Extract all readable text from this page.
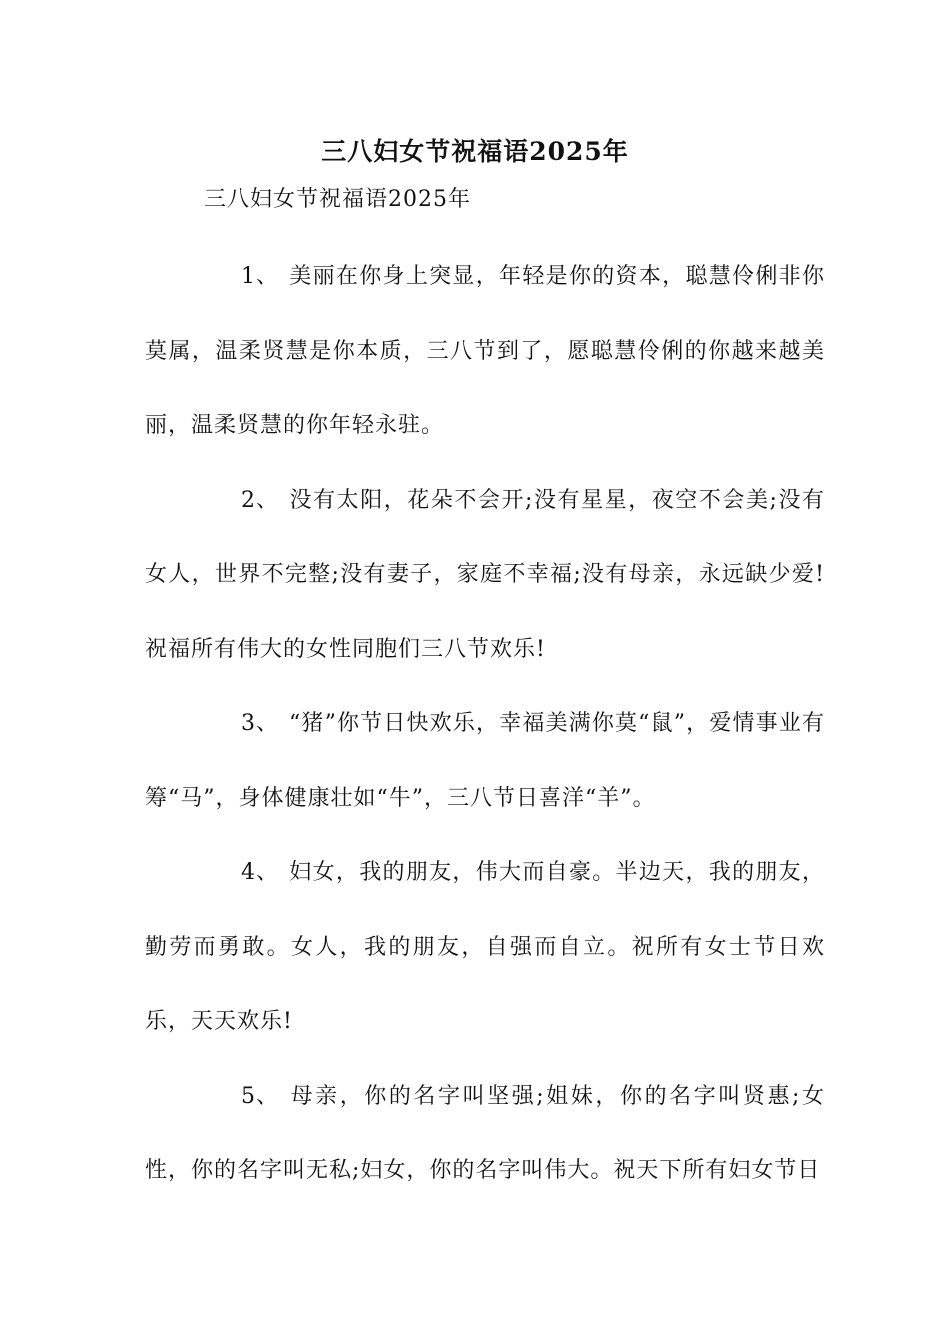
三八妇女节祝福语2025年

三八妇女节祝福语2025年

1、 美丽在你身上突显，年轻是你的资本，聪慧伶俐非你莫属，温柔贤慧是你本质，三八节到了，愿聪慧伶俐的你越来越美丽，温柔贤慧的你年轻永驻。

2、 没有太阳，花朵不会开;没有星星，夜空不会美;没有女人，世界不完整;没有妻子，家庭不幸福;没有母亲，永远缺少爱!祝福所有伟大的女性同胞们三八节欢乐!

3、 “猪”你节日快欢乐，幸福美满你莫“鼠”，爱情事业有筹“马”，身体健康壮如“牛”，三八节日喜洋“羊”。

4、 妇女，我的朋友，伟大而自豪。半边天，我的朋友，勤劳而勇敢。女人，我的朋友，自强而自立。祝所有女士节日欢乐，天天欢乐!

5、 母亲，你的名字叫坚强;姐妹，你的名字叫贤惠;女性，你的名字叫无私;妇女，你的名字叫伟大。祝天下所有妇女节日
